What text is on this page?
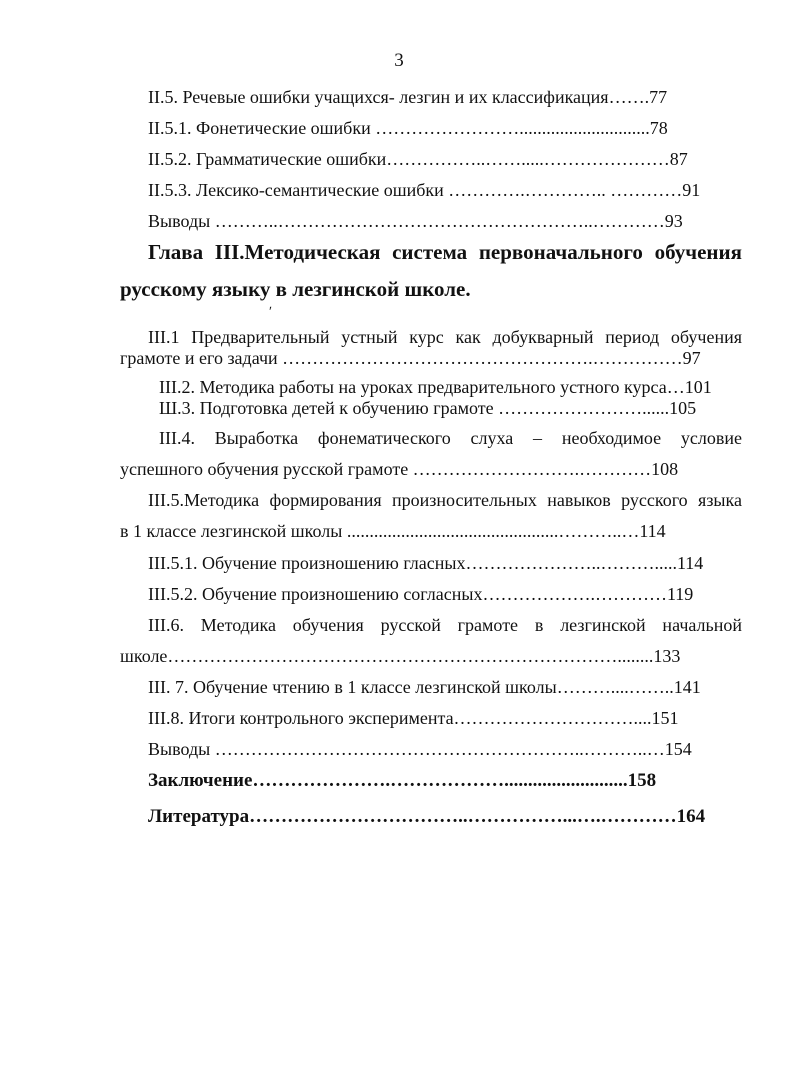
3
II.5. Речевые ошибки учащихся- лезгин и их классификация…….77
II.5.1. Фонетические ошибки …………………….............................78
II.5.2. Грамматические ошибки……………..…….....…………………87
II.5.3. Лексико-семантические ошибки ………….………….. …………91
Выводы ………..……………………………………………..…………93
Глава III.Методическая система первоначального обучения
русскому языку в лезгинской школе.
ʹ
III.1 Предварительный устный курс как добукварный период обучения
грамоте и его задачи …………………………………………….……………97
III.2. Методика работы на уроках предварительного устного курса…101
Ш.3. Подготовка детей к обучению грамоте ……………………......105
III.4. Выработка фонематического слуха – необходимое условие
успешного обучения русской грамоте ……………………….…………108
III.5.Методика формирования произносительных навыков русского языка
в 1 классе лезгинской школы ...............................................………..…114
III.5.1. Обучение произношению гласных…………………..……….....114
III.5.2. Обучение произношению согласных……………….…………119
III.6. Методика обучения русской грамоте в лезгинской начальной
школе…………………………………………………………………........133
III. 7. Обучение чтению в 1 классе лезгинской школы………....……..141
III.8. Итоги контрольного эксперимента…………………………....151
Выводы ……………………………………………………..………..…154
Заключение………………….………………..........................158
Литература……………………………..……………...….…………164
